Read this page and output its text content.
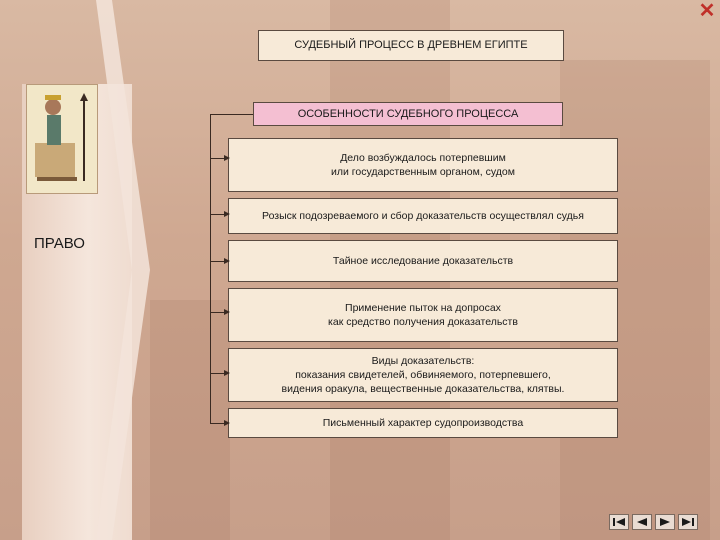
ПРАВО
СУДЕБНЫЙ ПРОЦЕСС В ДРЕВНЕМ ЕГИПТЕ
ОСОБЕННОСТИ СУДЕБНОГО ПРОЦЕССА
Дело возбуждалось потерпевшим
или государственным органом, судом
Розыск подозреваемого и сбор доказательств осуществлял судья
Тайное исследование доказательств
Применение пыток на допросах
как средство получения доказательств
Виды доказательств:
показания свидетелей, обвиняемого, потерпевшего,
видения оракула, вещественные доказательства, клятвы.
Письменный характер судопроизводства
✕
